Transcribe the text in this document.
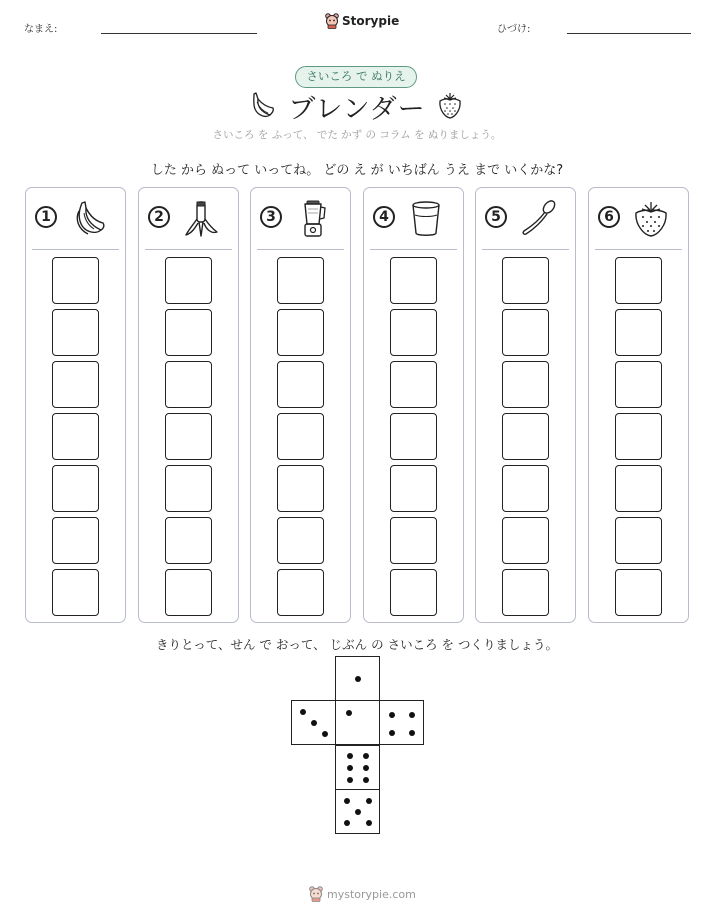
なまえ:
Storypie
ひづけ:
さいころ で ぬりえ
ブレンダー
さいころ を ふって、 でた かず の コラム を ぬりましょう。
した から ぬって いってね。 どの え が いちばん うえ まで いくかな?
1	2	3	4	5	6
きりとって、せん で おって、 じぶん の さいころ を つくりましょう。
mystorypie.com
